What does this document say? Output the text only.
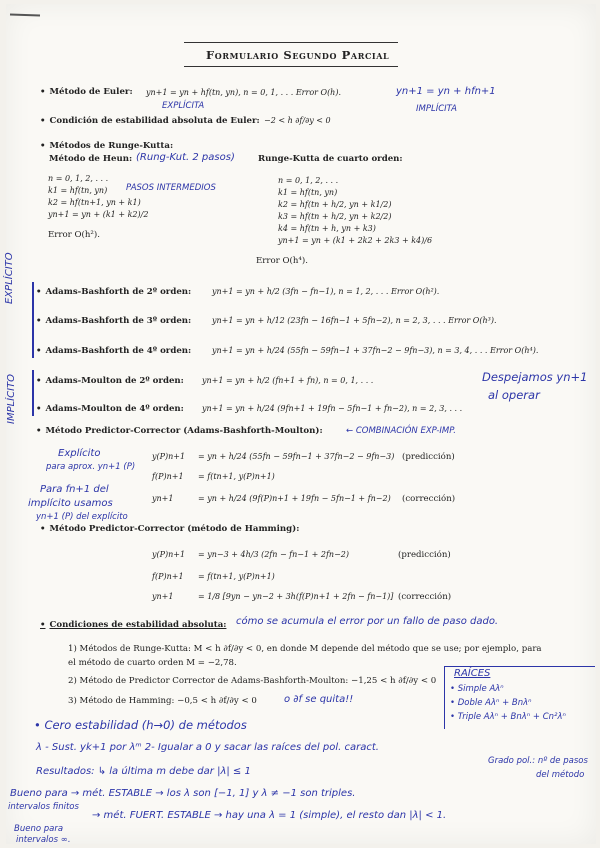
Formulario Segundo Parcial
• Método de Euler: yn+1 = yn + hf(tn, yn), n = 0, 1, . . . Error O(h).
EXPLÍCITA
yn+1 = yn + hfn+1
IMPLÍCITA
• Condición de estabilidad absoluta de Euler: −2 < h ∂f/∂y < 0
• Métodos de Runge-Kutta:
Método de Heun: (Rung-Kut. 2 pasos)	Runge-Kutta de cuarto orden:
n = 0, 1, 2, . . .
k1 = hf(tn, yn)
k2 = hf(tn+1, yn + k1)
yn+1 = yn + (k1 + k2)/2
PASOS INTERMEDIOS
Error O(h²).
n = 0, 1, 2, . . .
k1 = hf(tn, yn)
k2 = hf(tn + h/2, yn + k1/2)
k3 = hf(tn + h/2, yn + k2/2)
k4 = hf(tn + h, yn + k3)
yn+1 = yn + (k1 + 2k2 + 2k3 + k4)/6
Error O(h⁴).
EXPLÍCITO	• Adams-Bashforth de 2º orden:	yn+1 = yn + h/2 (3fn − fn−1), n = 1, 2, . . . Error O(h²).
• Adams-Bashforth de 3º orden:	yn+1 = yn + h/12 (23fn − 16fn−1 + 5fn−2), n = 2, 3, . . . Error O(h³).
• Adams-Bashforth de 4º orden:	yn+1 = yn + h/24 (55fn − 59fn−1 + 37fn−2 − 9fn−3), n = 3, 4, . . . Error O(h⁴).
IMPLÍCITO	• Adams-Moulton de 2º orden: yn+1 = yn + h/2 (fn+1 + fn), n = 0, 1, . . .
• Adams-Moulton de 4º orden: yn+1 = yn + h/24 (9fn+1 + 19fn − 5fn−1 + fn−2), n = 2, 3, . . .
Despejamos yn+1
al operar
• Método Predictor-Corrector (Adams-Bashforth-Moulton):	← COMBINACIÓN EXP-IMP.
Explícito
para aprox. yn+1 (P)
Para fn+1 del
implícito usamos
yn+1 (P) del explícito
y(P)n+1 = yn + h/24 (55fn − 59fn−1 + 37fn−2 − 9fn−3) (predicción)
f(P)n+1 = f(tn+1, y(P)n+1)
yn+1	= yn + h/24 (9f(P)n+1 + 19fn − 5fn−1 + fn−2) (corrección)
• Método Predictor-Corrector (método de Hamming):
y(P)n+1 = yn−3 + 4h/3 (2fn − fn−1 + 2fn−2)	(predicción)
f(P)n+1 = f(tn+1, y(P)n+1)
yn+1	= 1/8 [9yn − yn−2 + 3h(f(P)n+1 + 2fn − fn−1)] (corrección)
• Condiciones de estabilidad absoluta: cómo se acumula el error por un fallo de paso dado.
1) Métodos de Runge-Kutta: M < h ∂f/∂y < 0, en donde M depende del método que se use; por ejemplo, para
el método de cuarto orden M = −2,78.
2) Método de Predictor Corrector de Adams-Bashforth-Moulton: −1,25 < h ∂f/∂y < 0
3) Método de Hamming: −0,5 < h ∂f/∂y < 0	o ∂f se quita!!
RAÍCES
• Simple Aλⁿ
• Doble Aλⁿ + Bnλⁿ
• Triple Aλⁿ + Bnλⁿ + Cn²λⁿ
• Cero estabilidad (h→0) de métodos
λ - Sust. yk+1 por λᵐ 2- Igualar a 0 y sacar las raíces del pol. caract.
Resultados: ↳ la última m debe dar |λ| ≤ 1
Bueno para → mét. ESTABLE → los λ son [−1, 1] y λ ≠ −1 son triples.
intervalos finitos
→ mét. FUERT. ESTABLE → hay una λ = 1 (simple), el resto dan |λ| < 1.
Bueno para
intervalos ∞.
Grado pol.: nº de pasos
del método
